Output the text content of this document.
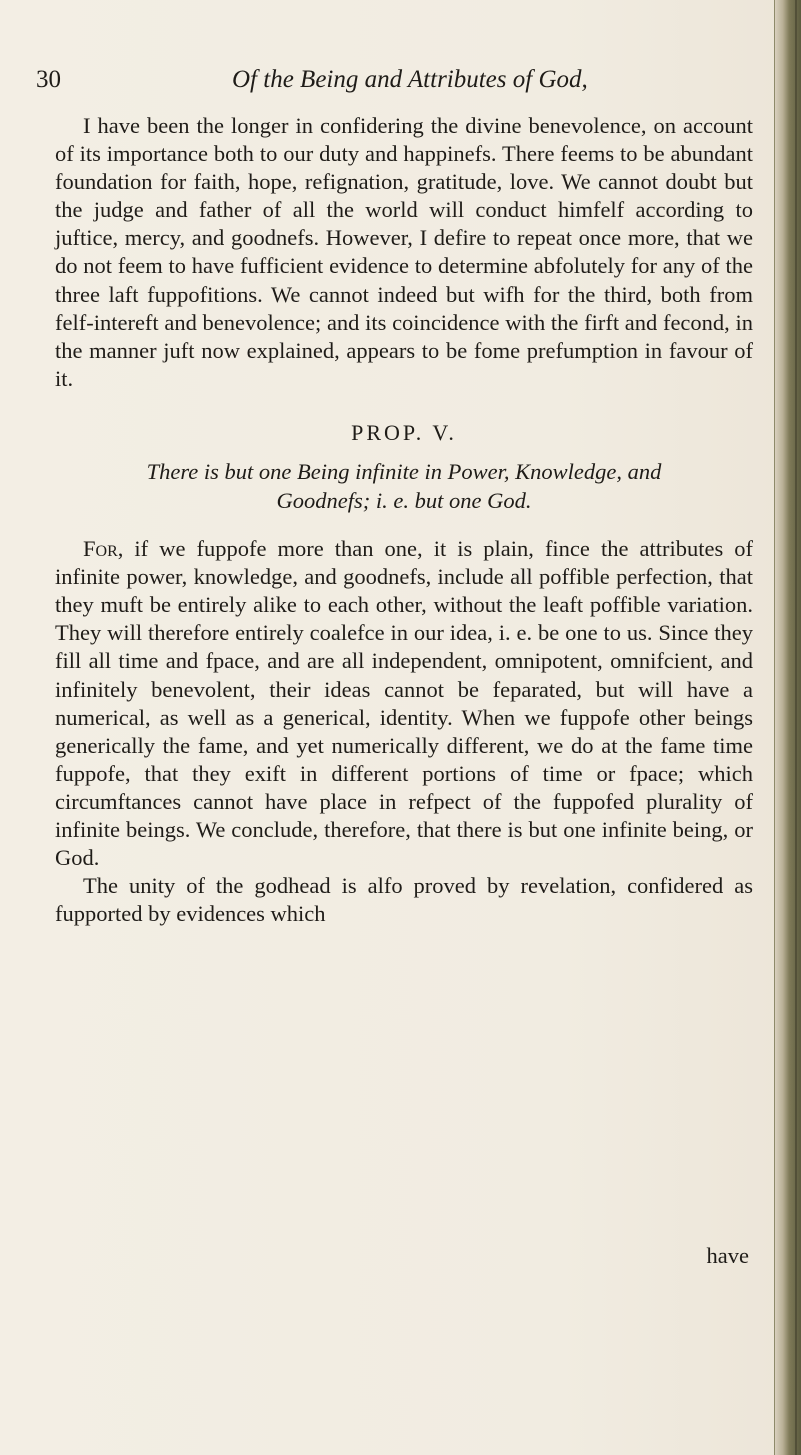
30	Of the Being and Attributes of God,

I have been the longer in confidering the divine benevolence, on account of its importance both to our duty and happinefs. There feems to be abundant foundation for faith, hope, refignation, gratitude, love. We cannot doubt but the judge and father of all the world will conduct himfelf according to juftice, mercy, and goodnefs. However, I defire to repeat once more, that we do not feem to have fufficient evidence to determine abfolutely for any of the three laft fuppofitions. We cannot indeed but wifh for the third, both from felf-intereft and benevolence; and its coincidence with the firft and fecond, in the manner juft now explained, appears to be fome prefumption in favour of it.

PROP. V.
There is but one Being infinite in Power, Knowledge, and
Goodnefs; i. e. but one God.

For, if we fuppofe more than one, it is plain, fince the attributes of infinite power, knowledge, and goodnefs, include all poffible perfection, that they muft be entirely alike to each other, without the leaft poffible variation. They will therefore entirely coalefce in our idea, i. e. be one to us. Since they fill all time and fpace, and are all independent, omnipotent, omnifcient, and infinitely benevolent, their ideas cannot be feparated, but will have a numerical, as well as a generical, identity. When we fuppofe other beings generically the fame, and yet numerically different, we do at the fame time fuppofe, that they exift in different portions of time or fpace; which circumftances cannot have place in refpect of the fuppofed plurality of infinite beings. We conclude, therefore, that there is but one infinite being, or God.

The unity of the godhead is alfo proved by revelation, confidered as fupported by evidences which

have
